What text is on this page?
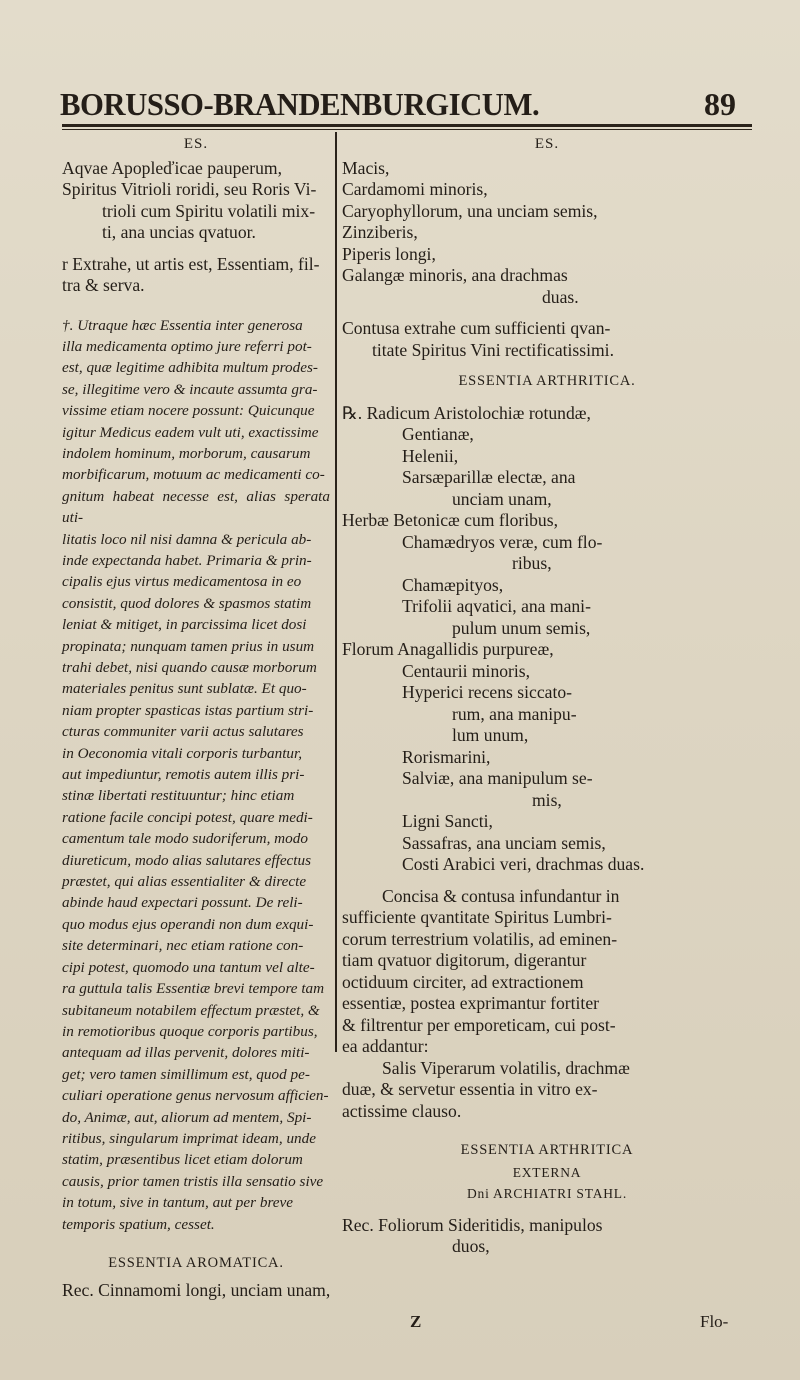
BORUSSO-BRANDENBURGICUM.	89
ES.

Aqvae Apopleďicae pauperum,

Spiritus Vitrioli roridi, seu Roris Vi-

trioli cum Spiritu volatili mix-

ti, ana uncias qvatuor.

r Extrahe, ut artis est, Essentiam, fil-

tra & serva.

†. Utraque hæc Essentia inter generosa
illa medicamenta optimo jure referri pot-
est, quæ legitime adhibita multum prodes-
se, illegitime vero & incaute assumta gra-
vissime etiam nocere possunt: Quicunque
igitur Medicus eadem vult uti, exactissime
indolem hominum, morborum, causarum
morbificarum, motuum ac medicamenti co-
gnitum habeat necesse est, alias sperata uti-
litatis loco nil nisi damna & pericula ab-
inde expectanda habet. Primaria & prin-
cipalis ejus virtus medicamentosa in eo
consistit, quod dolores & spasmos statim
leniat & mitiget, in parcissima licet dosi
propinata; nunquam tamen prius in usum
trahi debet, nisi quando causæ morborum
materiales penitus sunt sublatæ. Et quo-
niam propter spasticas istas partium stri-
cturas communiter varii actus salutares
in Oeconomia vitali corporis turbantur,
aut impediuntur, remotis autem illis pri-
stinæ libertati restituuntur; hinc etiam
ratione facile concipi potest, quare medi-
camentum tale modo sudoriferum, modo
diureticum, modo alias salutares effectus
præstet, qui alias essentialiter & directe
abinde haud expectari possunt. De reli-
quo modus ejus operandi non dum exqui-
site determinari, nec etiam ratione con-
cipi potest, quomodo una tantum vel alte-
ra guttula talis Essentiæ brevi tempore tam
subitaneum notabilem effectum præstet, &
in remotioribus quoque corporis partibus,
antequam ad illas pervenit, dolores miti-
get; vero tamen simillimum est, quod pe-
culiari operatione genus nervosum afficien-
do, Animæ, aut, aliorum ad mentem, Spi-
ritibus, singularum imprimat ideam, unde
statim, præsentibus licet etiam dolorum
causis, prior tamen tristis illa sensatio sive
in totum, sive in tantum, aut per breve
temporis spatium, cesset.
ESSENTIA AROMATICA.

Rec. Cinnamomi longi, unciam unam,

ES.

Macis,

Cardamomi minoris,

Caryophyllorum, una unciam semis,

Zinziberis,

Piperis longi,

Galangæ minoris, ana drachmas

duas.

Contusa extrahe cum sufficienti qvan-

titate Spiritus Vini rectificatissimi.

ESSENTIA ARTHRITICA.

℞. Radicum Aristolochiæ rotundæ,

Gentianæ,

Helenii,

Sarsæparillæ electæ, ana

unciam unam,

Herbæ Betonicæ cum floribus,

Chamædryos veræ, cum flo-

ribus,

Chamæpityos,

Trifolii aqvatici, ana mani-

pulum unum semis,

Florum Anagallidis purpureæ,

Centaurii minoris,

Hyperici recens siccato-

rum, ana manipu-

lum unum,

Rorismarini,

Salviæ, ana manipulum se-

mis,

Ligni Sancti,

Sassafras, ana unciam semis,

Costi Arabici veri, drachmas duas.

Concisa & contusa infundantur in

sufficiente qvantitate Spiritus Lumbri-

corum terrestrium volatilis, ad eminen-

tiam qvatuor digitorum, digerantur

octiduum circiter, ad extractionem

essentiæ, postea exprimantur fortiter

& filtrentur per emporeticam, cui post-

ea addantur:

Salis Viperarum volatilis, drachmæ

duæ, & servetur essentia in vitro ex-

actissime clauso.

ESSENTIA ARTHRITICA
EXTERNA
Dni ARCHIATRI STAHL.

Rec. Foliorum Sideritidis, manipulos

duos,

Z	Flo-
